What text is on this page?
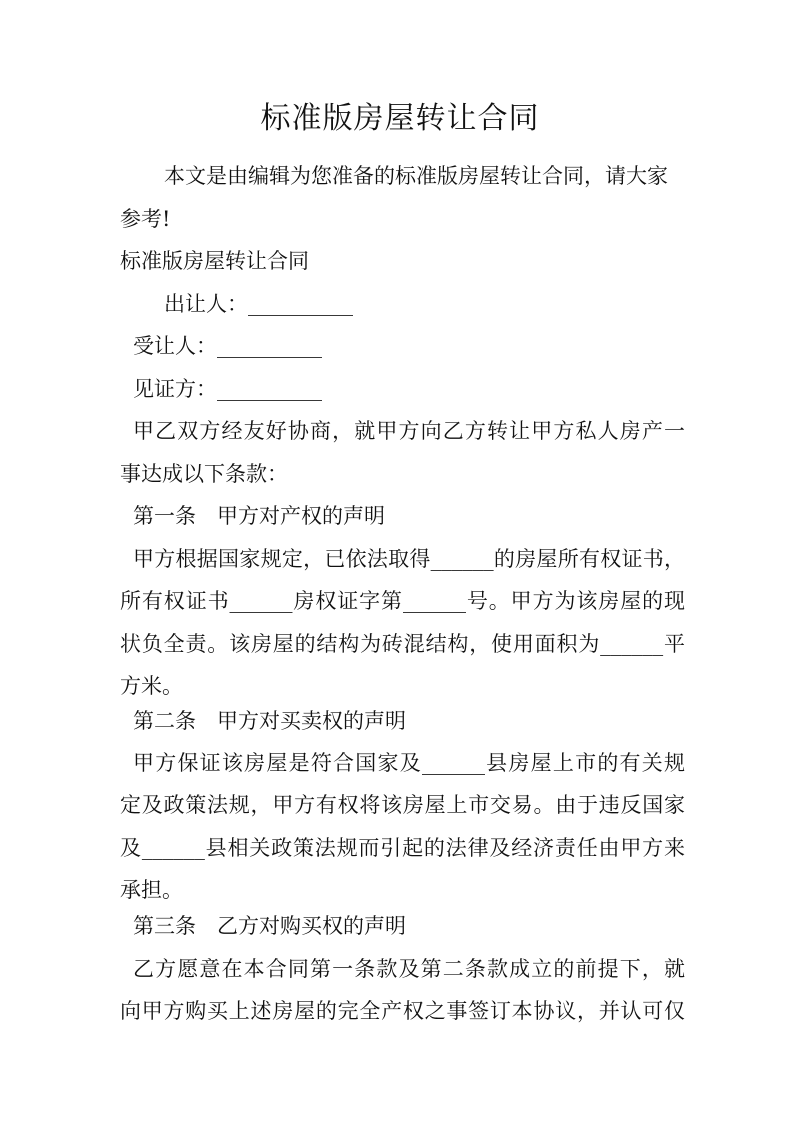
标准版房屋转让合同
本文是由编辑为您准备的标准版房屋转让合同，请大家
参考!
标准版房屋转让合同
出让人：__________
受让人：__________
见证方：__________
甲乙双方经友好协商，就甲方向乙方转让甲方私人房产一
事达成以下条款：
第一条　甲方对产权的声明
甲方根据国家规定，已依法取得______的房屋所有权证书，
所有权证书______房权证字第______号。甲方为该房屋的现
状负全责。该房屋的结构为砖混结构，使用面积为______平
方米。
第二条　甲方对买卖权的声明
甲方保证该房屋是符合国家及______县房屋上市的有关规
定及政策法规，甲方有权将该房屋上市交易。由于违反国家
及______县相关政策法规而引起的法律及经济责任由甲方来
承担。
第三条　乙方对购买权的声明
乙方愿意在本合同第一条款及第二条款成立的前提下，就
向甲方购买上述房屋的完全产权之事签订本协议，并认可仅
